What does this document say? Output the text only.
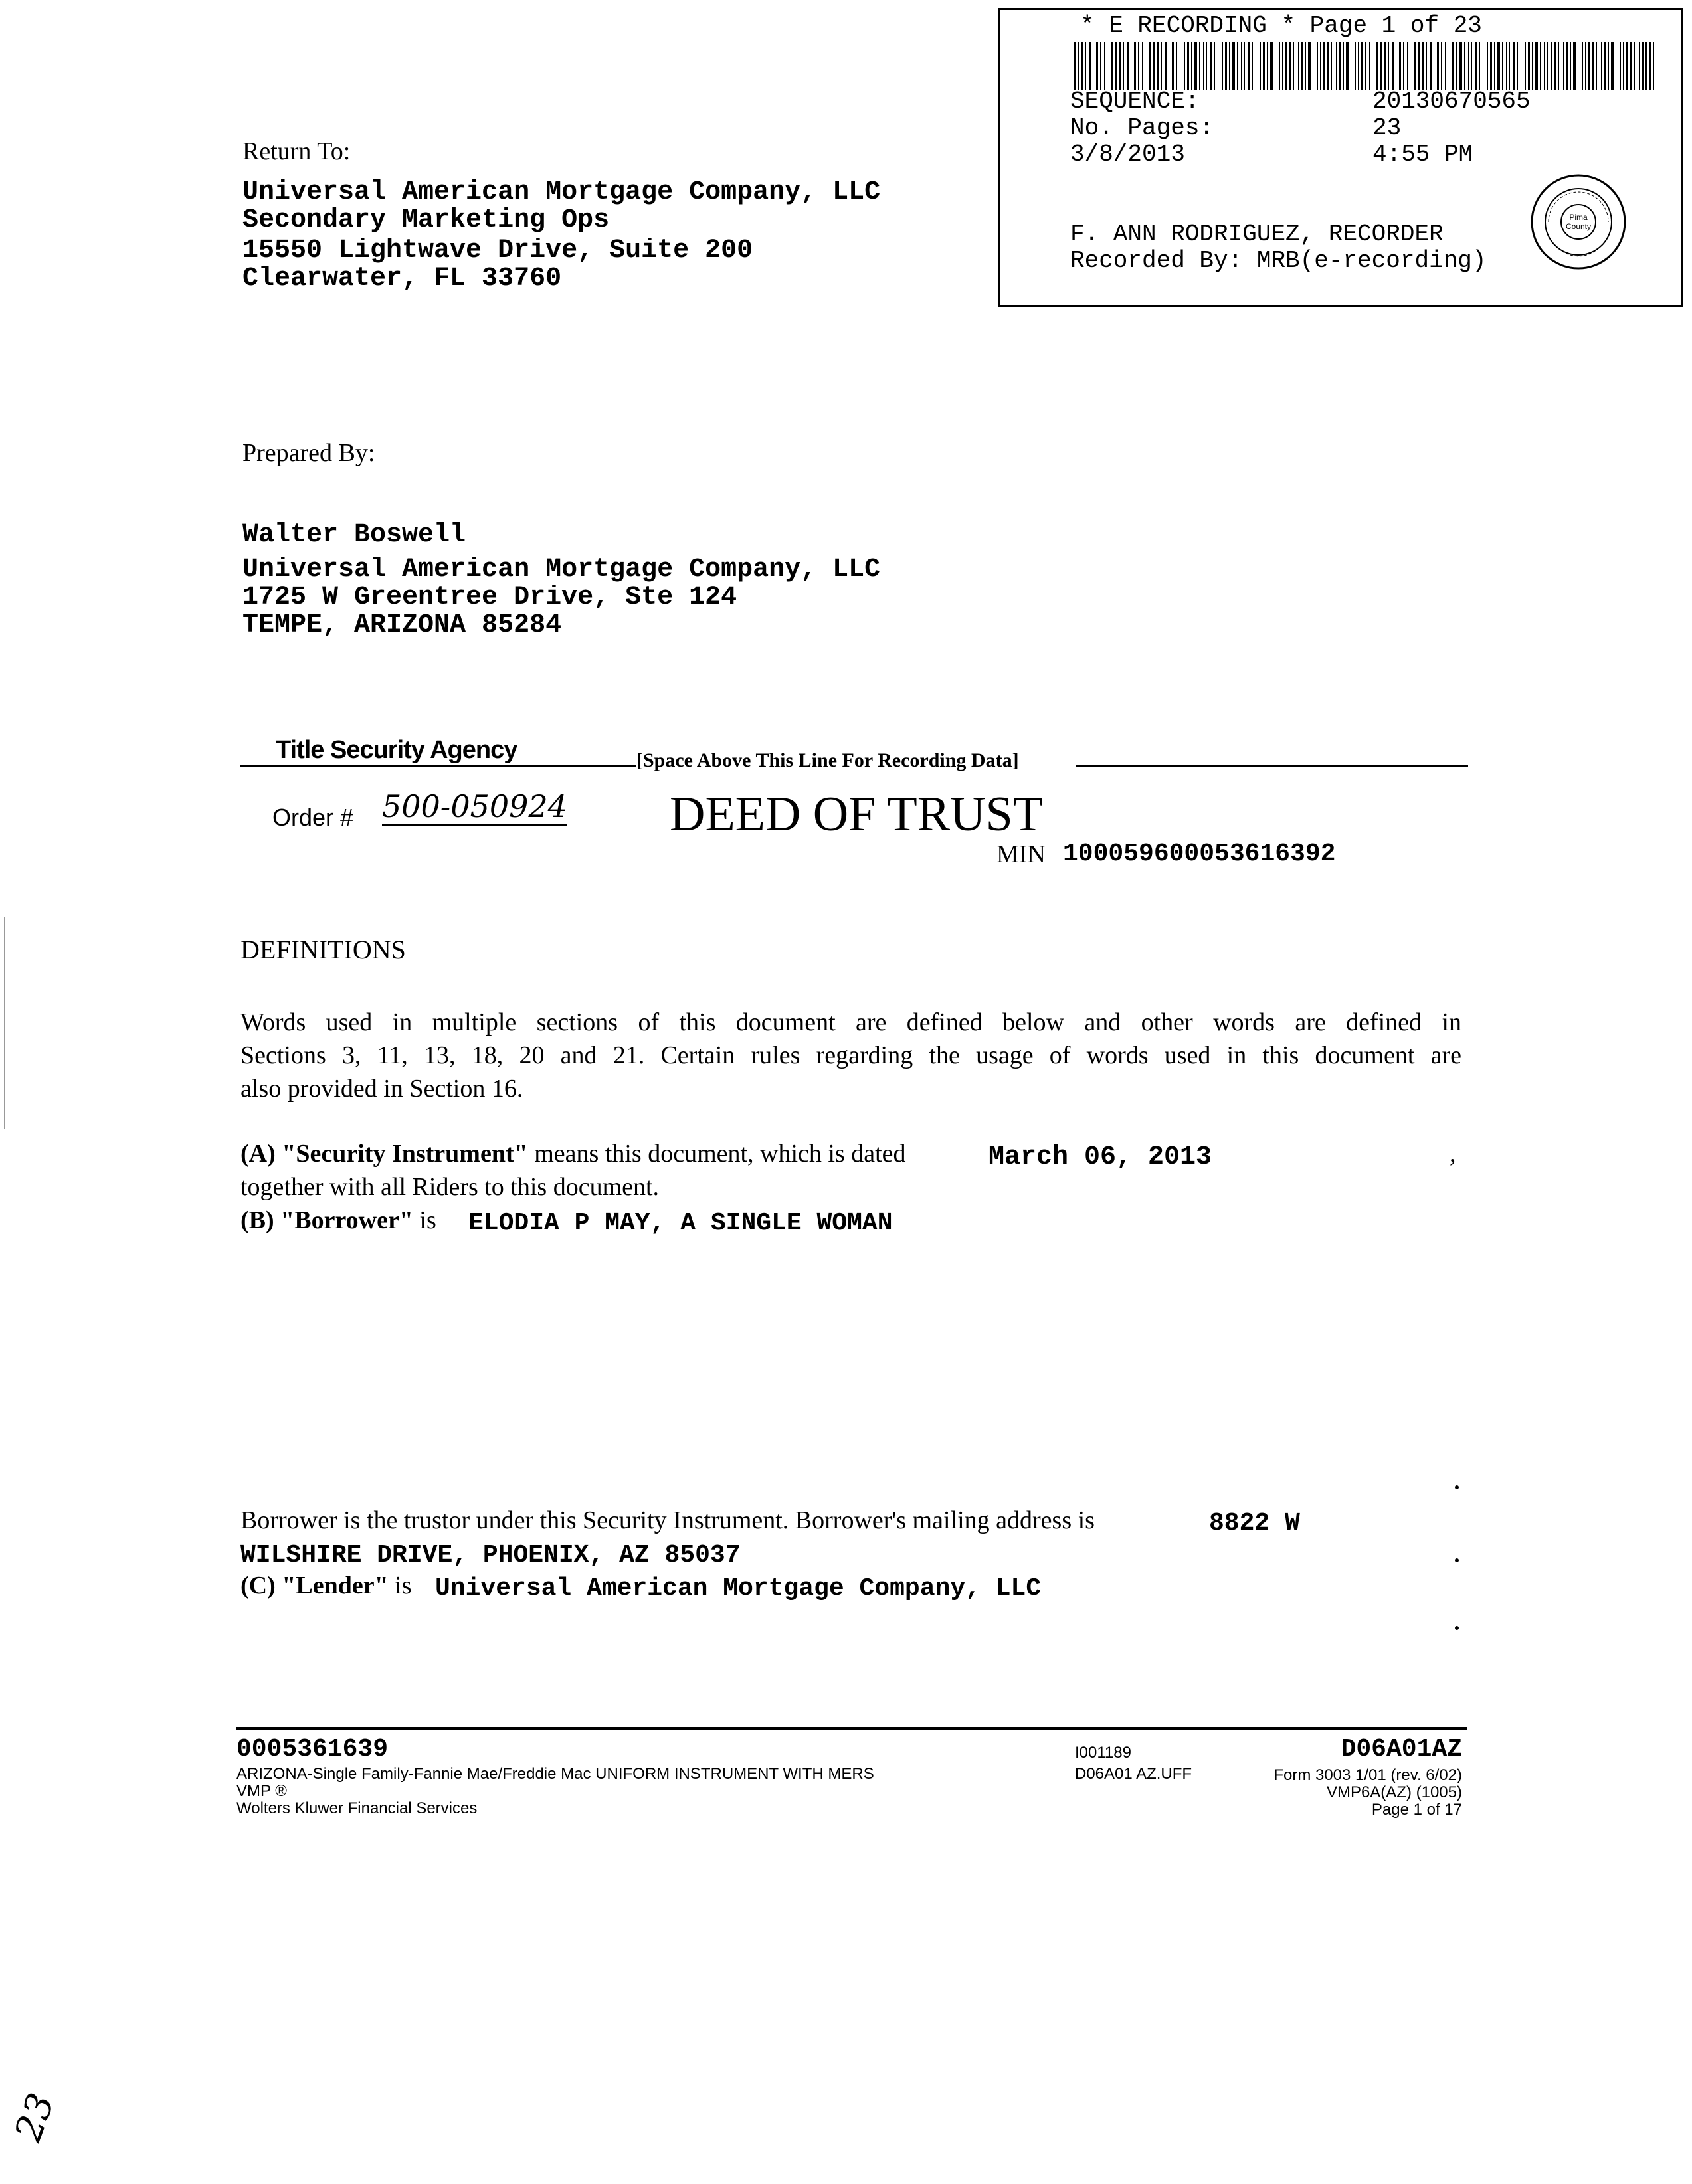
* E RECORDING * Page 1 of 23
SEQUENCE:	20130670565
No. Pages:	23
3/8/2013	4:55 PM
F. ANN RODRIGUEZ, RECORDER
Recorded By: MRB(e-recording)
Pima
County
Return To:
Universal American Mortgage Company, LLC
Secondary Marketing Ops
15550 Lightwave Drive, Suite 200
Clearwater, FL 33760
Prepared By:
Walter Boswell
Universal American Mortgage Company, LLC
1725 W Greentree Drive, Ste 124
TEMPE, ARIZONA 85284
Title Security Agency	[Space Above This Line For Recording Data]
Order # 500-050924 DEED OF TRUST
MIN 100059600053616392
DEFINITIONS
Words used in multiple sections of this document are defined below and other words are defined in
Sections 3, 11, 13, 18, 20 and 21. Certain rules regarding the usage of words used in this document are
also provided in Section 16.
(A) "Security Instrument" means this document, which is dated	March 06, 2013	,
together with all Riders to this document.
(B) "Borrower" is ELODIA P MAY, A SINGLE WOMAN
Borrower is the trustor under this Security Instrument. Borrower's mailing address is	8822 W
WILSHIRE DRIVE, PHOENIX, AZ 85037
(C) "Lender" is Universal American Mortgage Company, LLC
0005361639
ARIZONA-Single Family-Fannie Mae/Freddie Mac UNIFORM INSTRUMENT WITH MERS
VMP ®
Wolters Kluwer Financial Services
I001189
D06A01 AZ.UFF
D06A01AZ
Form 3003 1/01 (rev. 6/02)
VMP6A(AZ) (1005)
Page 1 of 17
23
